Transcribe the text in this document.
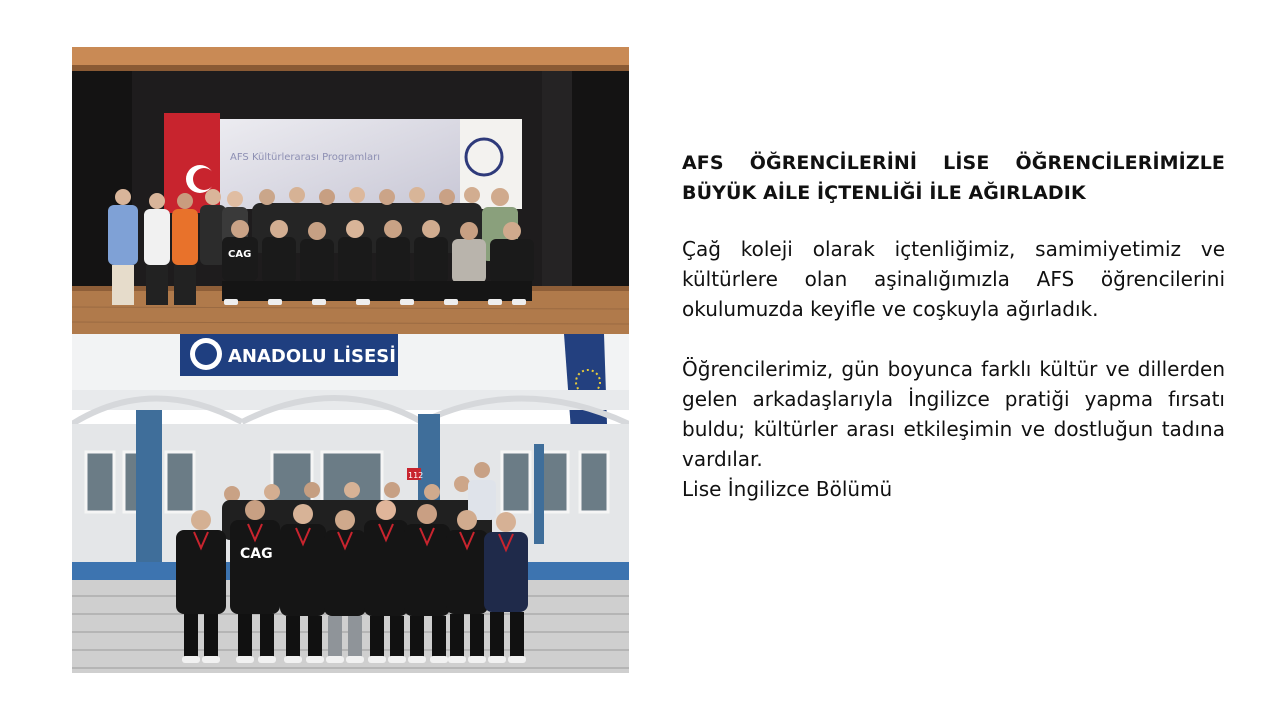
AFS Kültürlerarası Programları
CAG
ANADOLU LİSESİ
112
CAG
AFS ÖĞRENCİLERİNİ LİSE ÖĞRENCİLERİMİZLE BÜYÜK AİLE İÇTENLİĞİ İLE AĞIRLADIK

Çağ koleji olarak içtenliğimiz, samimiyetimiz ve kültürlere olan aşinalığımızla AFS öğrencilerini okulumuzda keyifle ve coşkuyla ağırladık.

Öğrencilerimiz, gün boyunca farklı kültür ve dillerden gelen arkadaşlarıyla İngilizce pratiği yapma fırsatı buldu; kültürler arası etkileşimin ve dostluğun tadına vardılar.

Lise İngilizce Bölümü
